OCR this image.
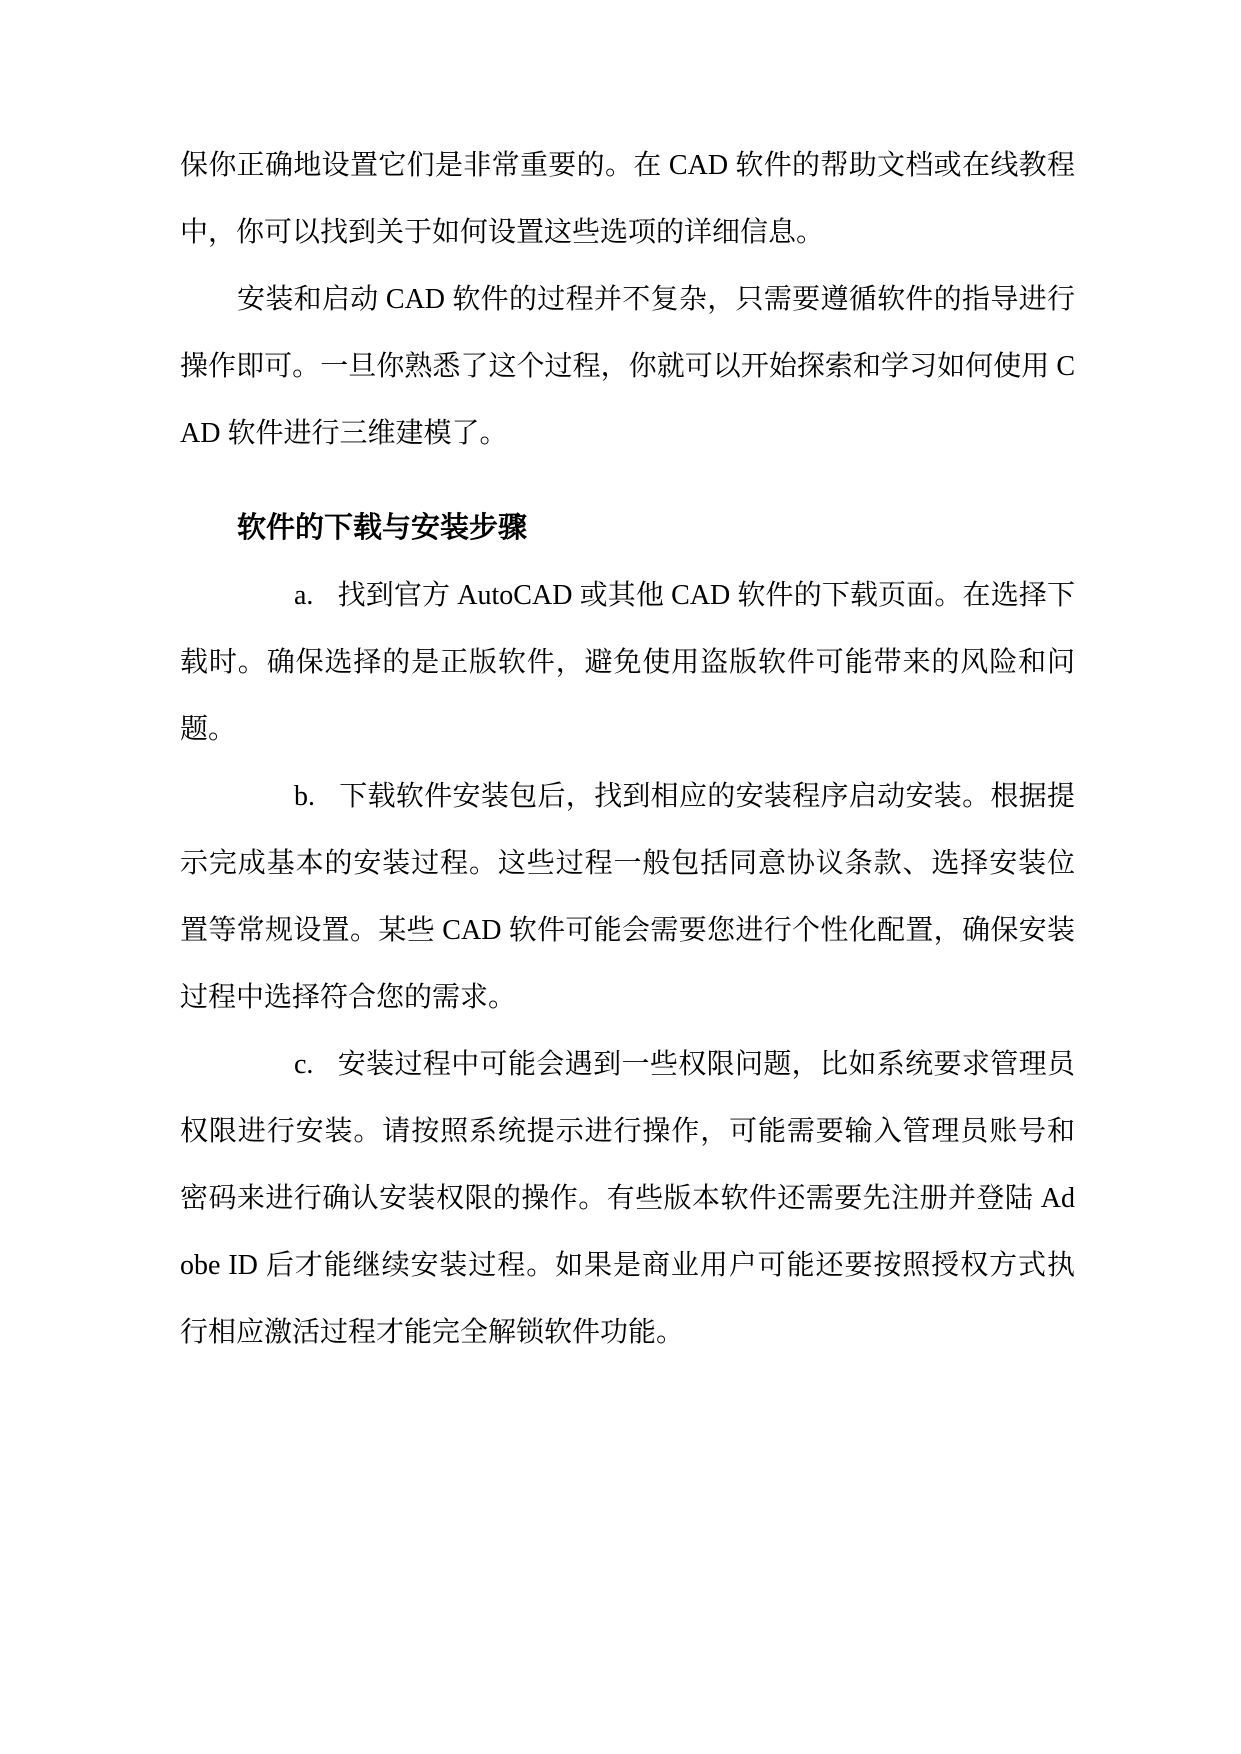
保你正确地设置它们是非常重要的。在 CAD 软件的帮助文档或在线教程中，你可以找到关于如何设置这些选项的详细信息。

安装和启动 CAD 软件的过程并不复杂，只需要遵循软件的指导进行操作即可。一旦你熟悉了这个过程，你就可以开始探索和学习如何使用 CAD 软件进行三维建模了。

软件的下载与安装步骤

a. 找到官方 AutoCAD 或其他 CAD 软件的下载页面。在选择下载时。确保选择的是正版软件，避免使用盗版软件可能带来的风险和问题。

b. 下载软件安装包后，找到相应的安装程序启动安装。根据提示完成基本的安装过程。这些过程一般包括同意协议条款、选择安装位置等常规设置。某些 CAD 软件可能会需要您进行个性化配置，确保安装过程中选择符合您的需求。

c. 安装过程中可能会遇到一些权限问题，比如系统要求管理员权限进行安装。请按照系统提示进行操作，可能需要输入管理员账号和密码来进行确认安装权限的操作。有些版本软件还需要先注册并登陆 Adobe ID 后才能继续安装过程。如果是商业用户可能还要按照授权方式执行相应激活过程才能完全解锁软件功能。
